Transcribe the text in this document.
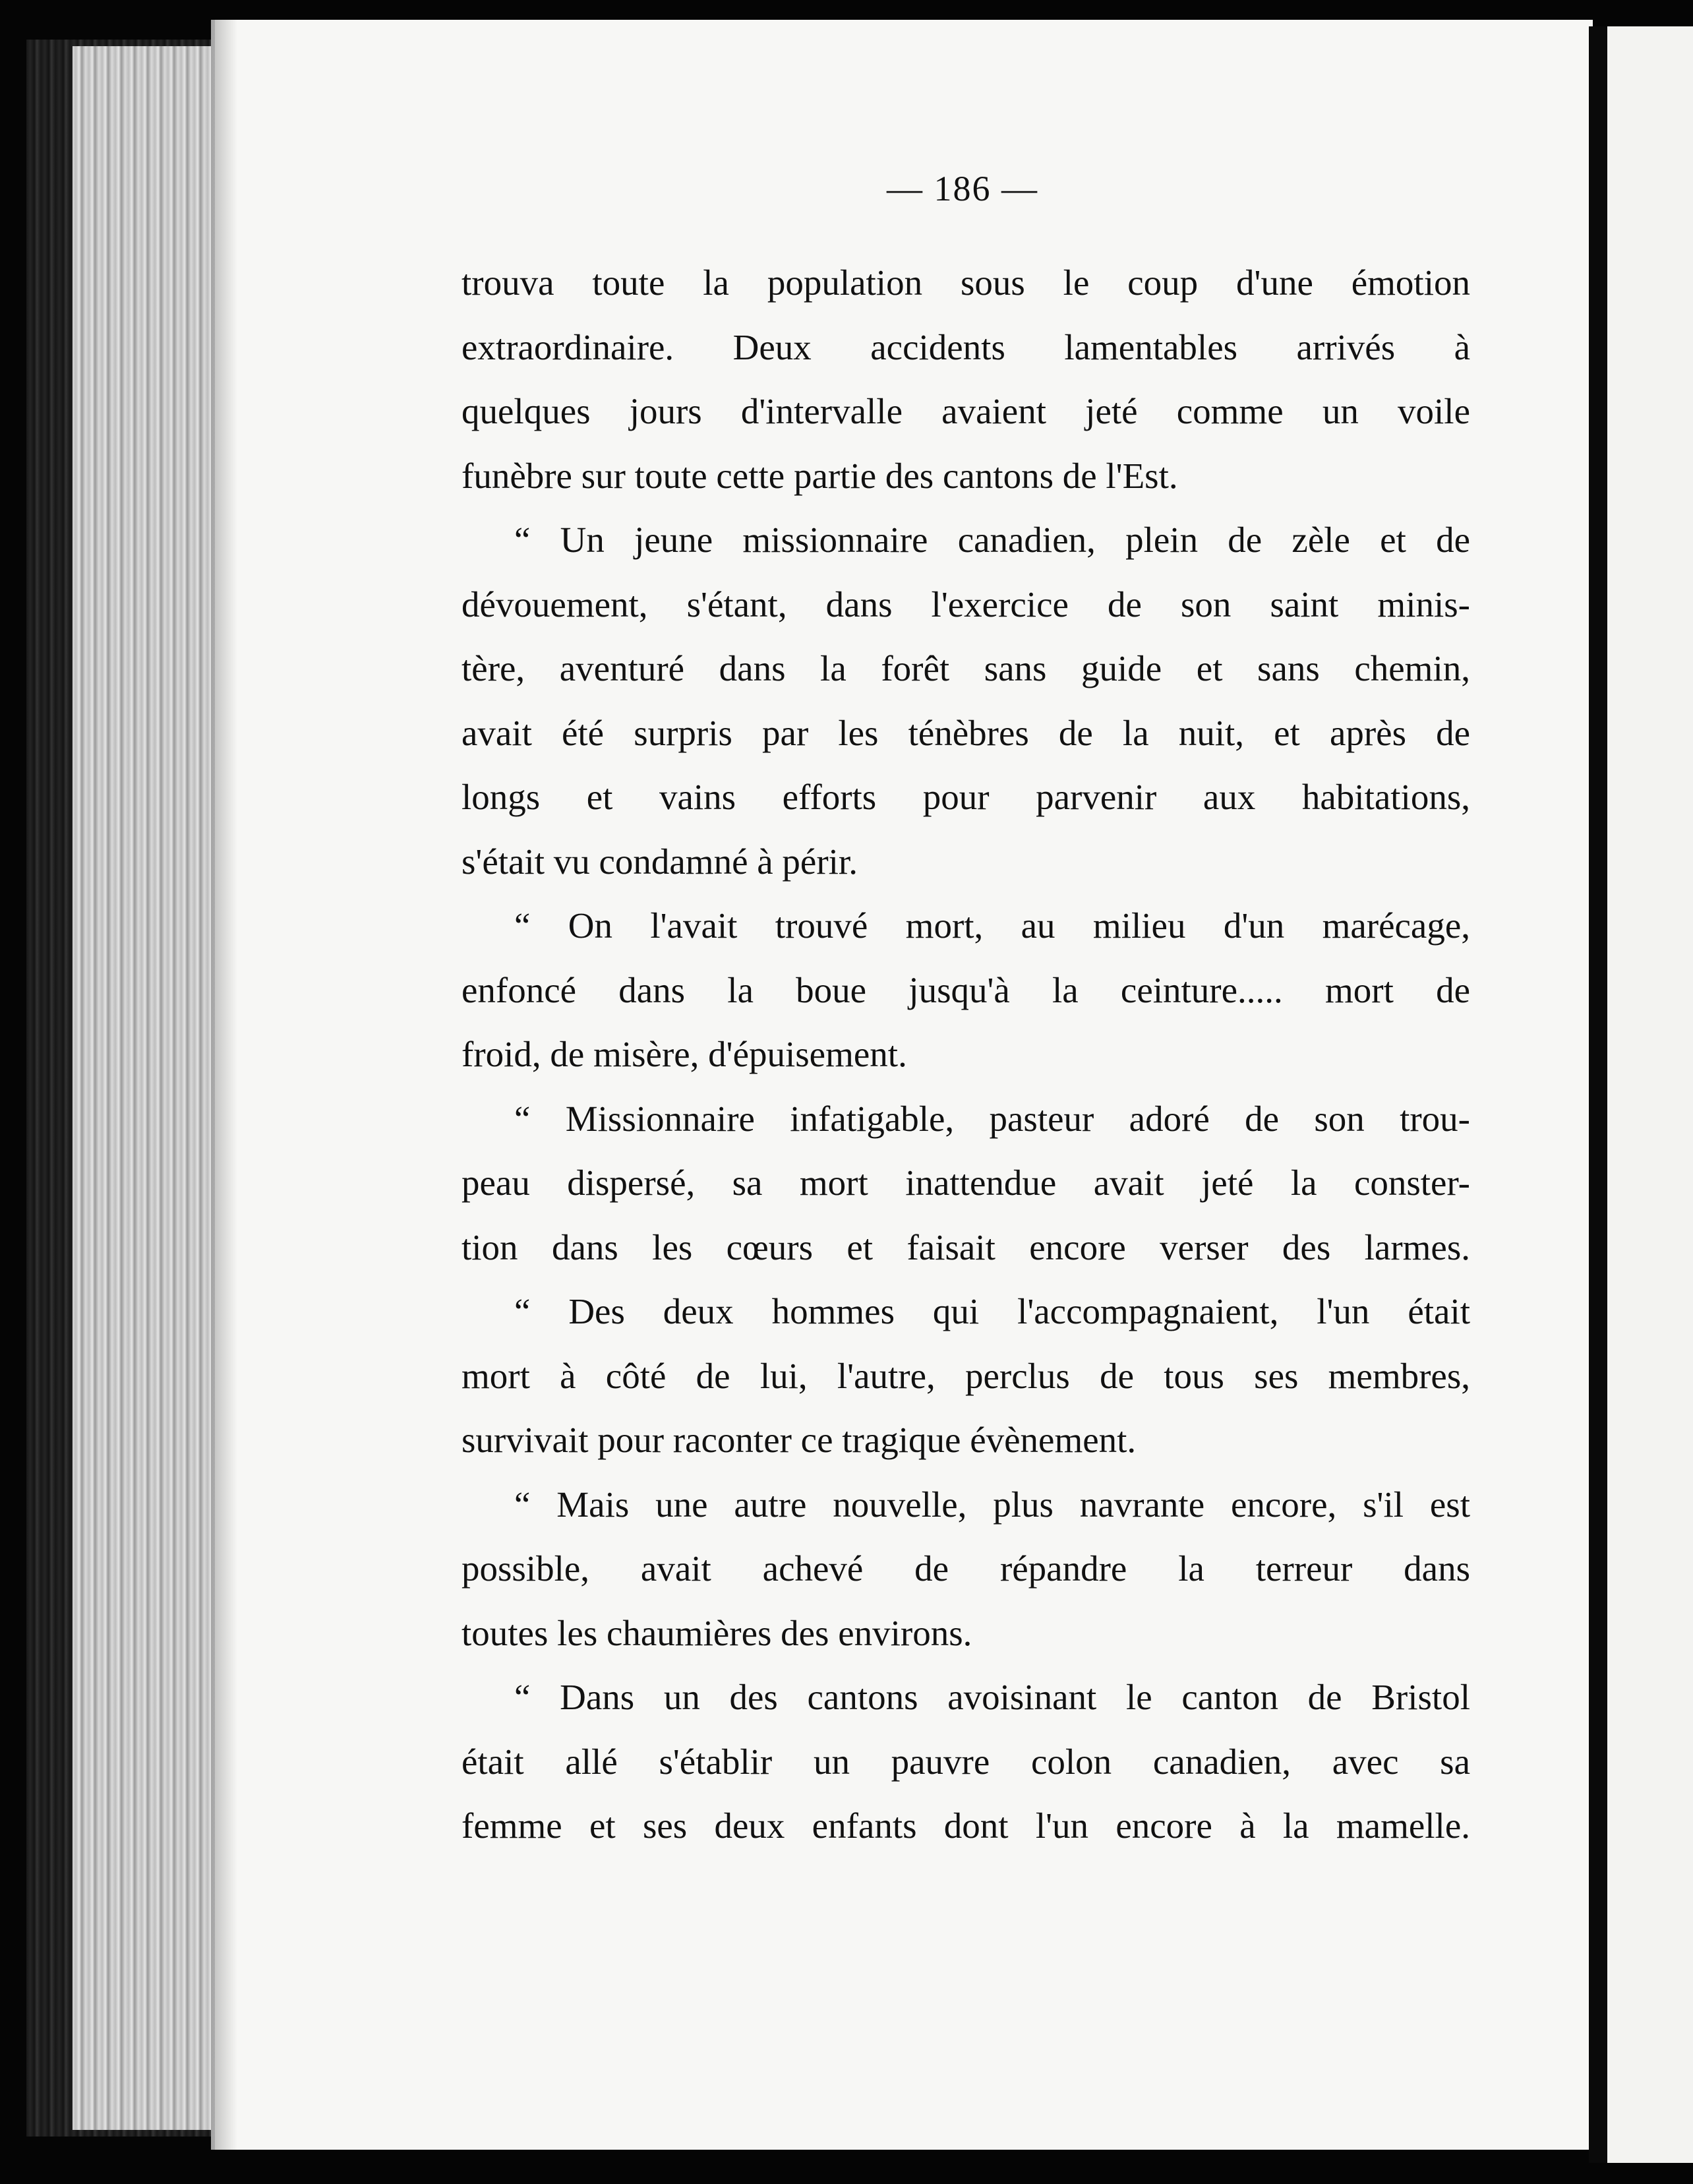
— 186 —
trouva toute la population sous le coup d'une émotion
extraordinaire. Deux accidents lamentables arrivés à
quelques jours d'intervalle avaient jeté comme un voile
funèbre sur toute cette partie des cantons de l'Est.
“ Un jeune missionnaire canadien, plein de zèle et de
dévouement, s'étant, dans l'exercice de son saint minis-
tère, aventuré dans la forêt sans guide et sans chemin,
avait été surpris par les ténèbres de la nuit, et après de
longs et vains efforts pour parvenir aux habitations,
s'était vu condamné à périr.
“ On l'avait trouvé mort, au milieu d'un marécage,
enfoncé dans la boue jusqu'à la ceinture..... mort de
froid, de misère, d'épuisement.
“ Missionnaire infatigable, pasteur adoré de son trou-
peau dispersé, sa mort inattendue avait jeté la conster-
tion dans les cœurs et faisait encore verser des larmes.
“ Des deux hommes qui l'accompagnaient, l'un était
mort à côté de lui, l'autre, perclus de tous ses membres,
survivait pour raconter ce tragique évènement.
“ Mais une autre nouvelle, plus navrante encore, s'il est
possible, avait achevé de répandre la terreur dans
toutes les chaumières des environs.
“ Dans un des cantons avoisinant le canton de Bristol
était allé s'établir un pauvre colon canadien, avec sa
femme et ses deux enfants dont l'un encore à la mamelle.
